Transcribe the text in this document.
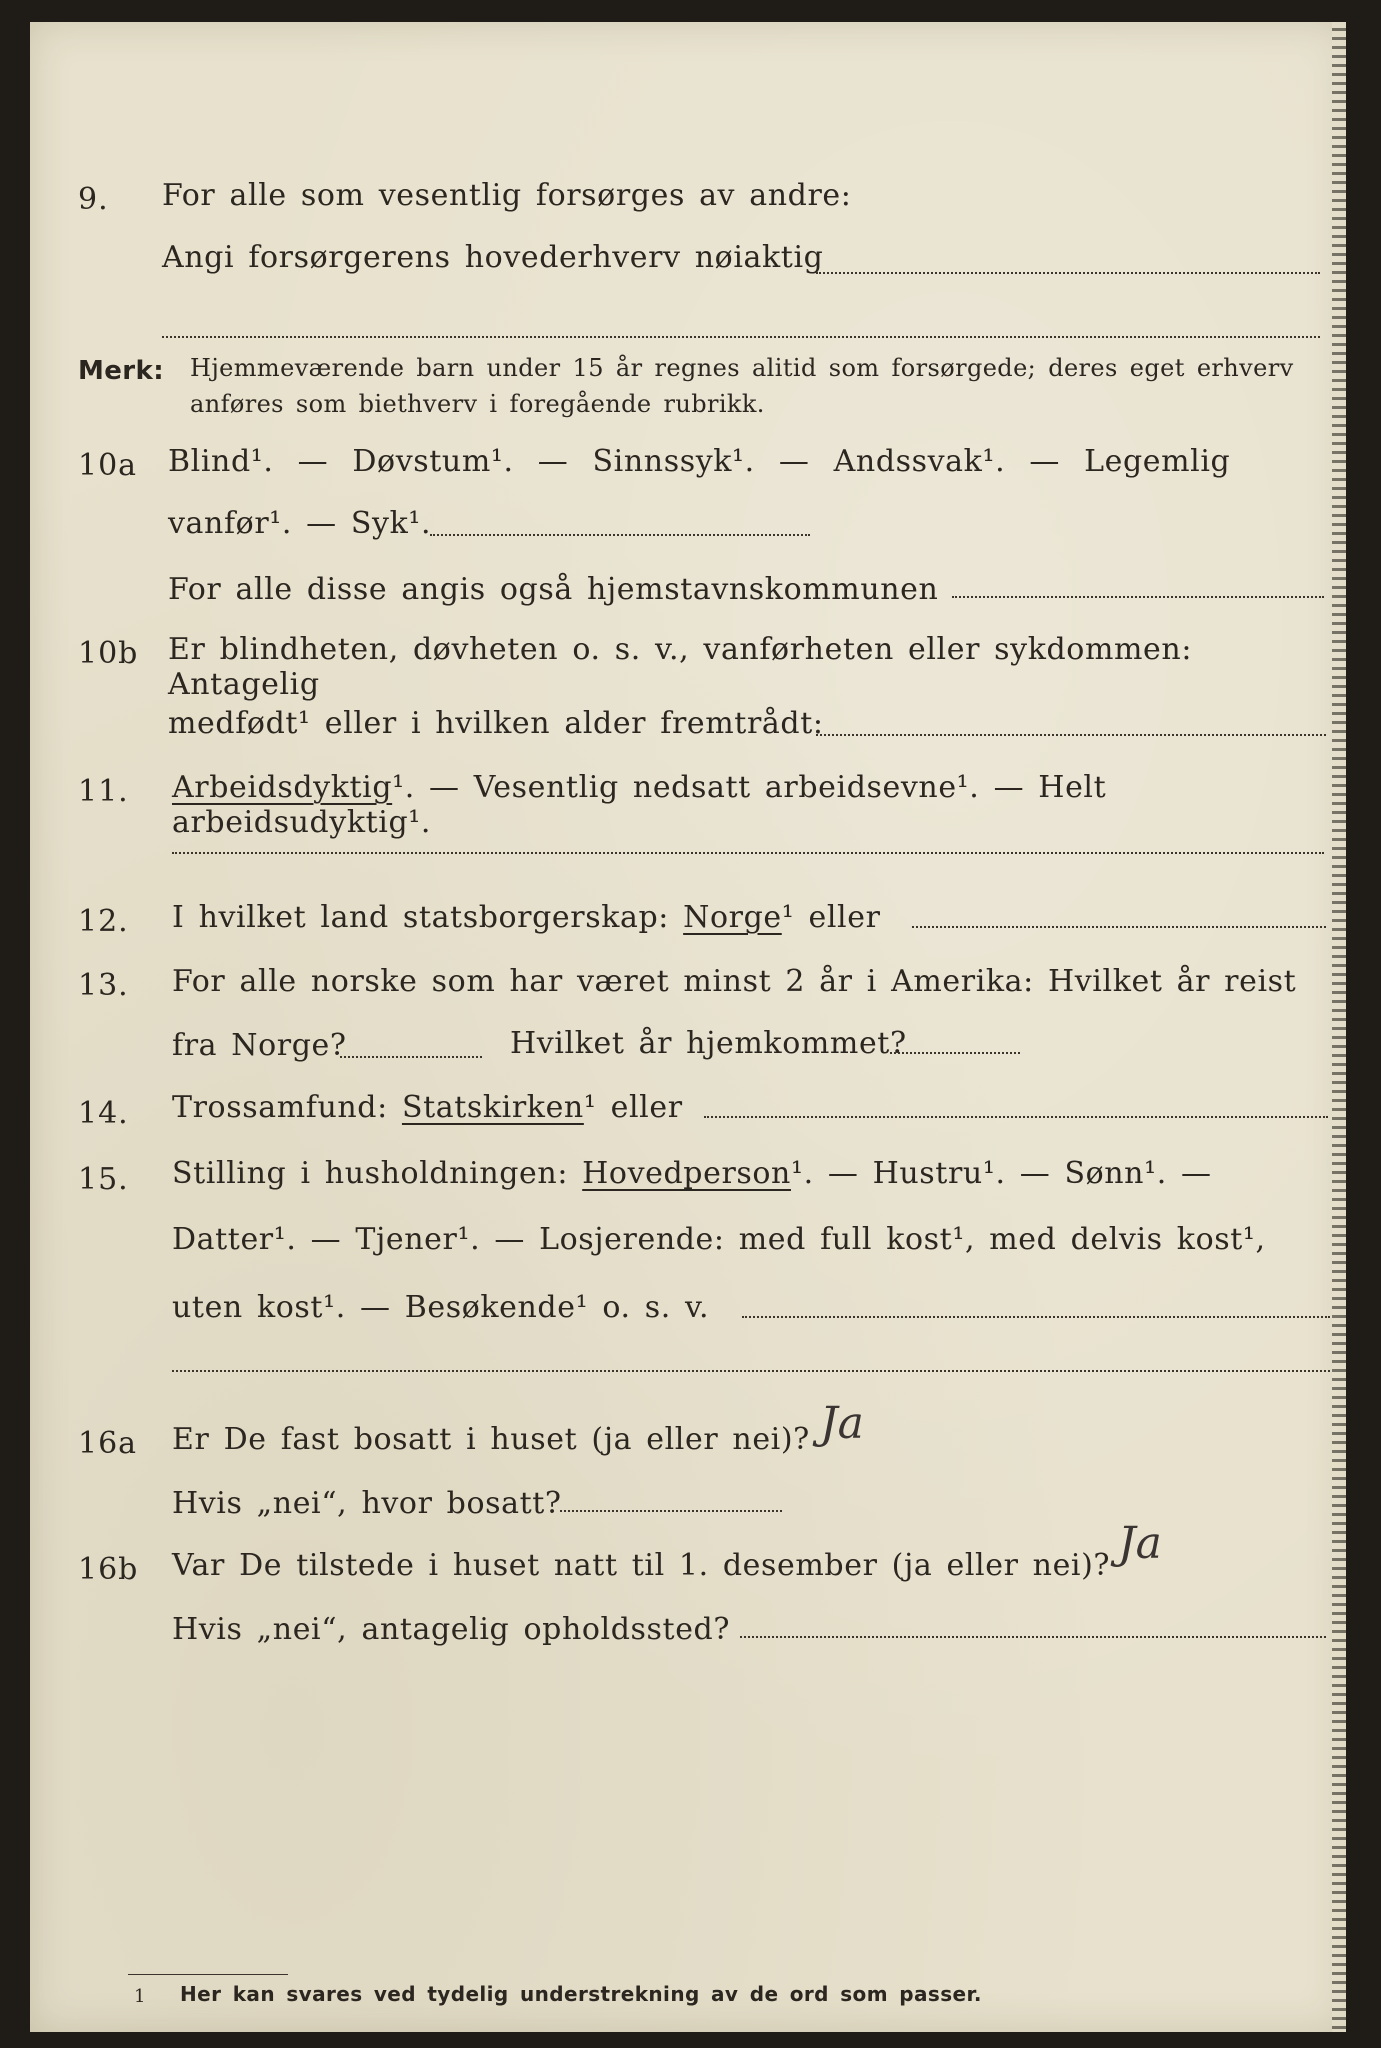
9. For alle som vesentlig forsørges av andre:
Angi forsørgerens hovederhverv nøiaktig
Merk: Hjemmeværende barn under 15 år regnes alitid som forsørgede; deres eget erhverv
anføres som biethverv i foregående rubrikk.
10a Blind¹. — Døvstum¹. — Sinnssyk¹. — Andssvak¹. — Legemlig
vanfør¹. — Syk¹.
For alle disse angis også hjemstavnskommunen
10b Er blindheten, døvheten o. s. v., vanførheten eller sykdommen: Antagelig
medfødt¹ eller i hvilken alder fremtrådt:
11. Arbeidsdyktig¹. — Vesentlig nedsatt arbeidsevne¹. — Helt arbeidsudyktig¹.
12. I hvilket land statsborgerskap: Norge¹ eller
13. For alle norske som har været minst 2 år i Amerika: Hvilket år reist
fra Norge?	Hvilket år hjemkommet?
14. Trossamfund: Statskirken¹ eller
15. Stilling i husholdningen: Hovedperson¹. — Hustru¹. — Sønn¹. —
Datter¹. — Tjener¹. — Losjerende: med full kost¹, med delvis kost¹,
uten kost¹. — Besøkende¹ o. s. v.
16a Er De fast bosatt i huset (ja eller nei)? Ja
Hvis „nei“, hvor bosatt?
16b Var De tilstede i huset natt til 1. desember (ja eller nei)? Ja
Hvis „nei“, antagelig opholdssted?
1 Her kan svares ved tydelig understrekning av de ord som passer.
